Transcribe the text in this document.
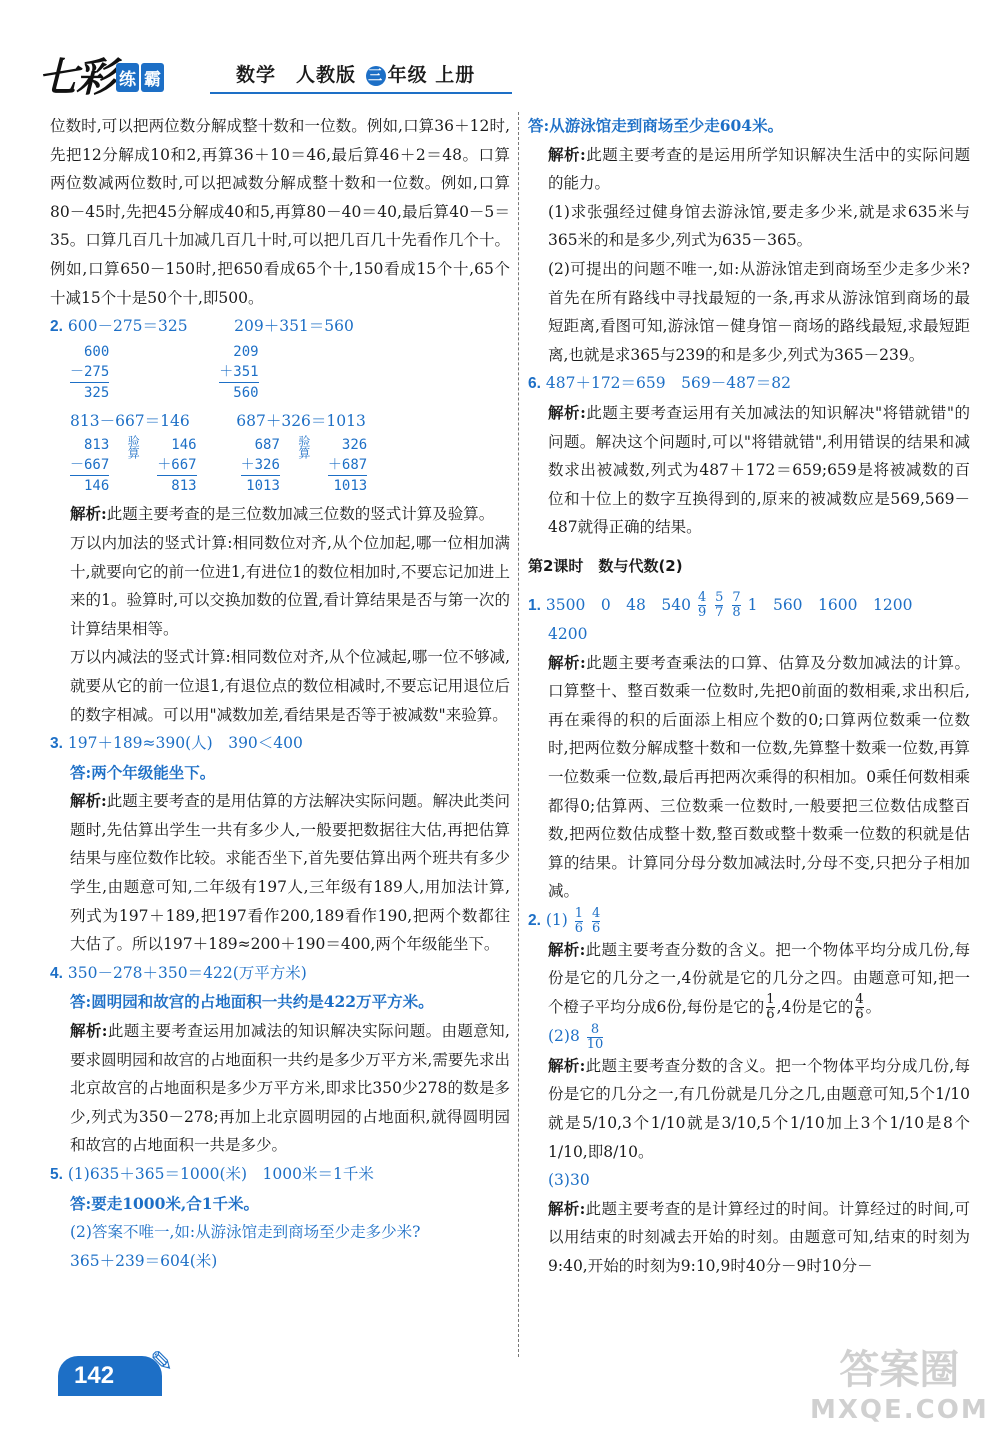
七彩 练 霸	数学　人教版 三 年级 上册

位数时,可以把两位数分解成整十数和一位数。例如,口算36＋12时,先把12分解成10和2,再算36＋10＝46,最后算46＋2＝48。口算两位数减两位数时,可以把减数分解成整十数和一位数。例如,口算80－45时,先把45分解成40和5,再算80－40＝40,最后算40－5＝35。口算几百几十加减几百几十时,可以把几百几十先看作几个十。例如,口算650－150时,把650看成65个十,150看成15个十,65个十减15个十是50个十,即500。

2. 600－275＝325　　　209＋351＝560

600
－275
325
209
＋351
560

813－667＝146　　　687＋326＝1013

813
－667
146
验算	146
＋667
813
687
＋326
1013
验算	326
＋687
1013

解析:此题主要考查的是三位数加减三位数的竖式计算及验算。

万以内加法的竖式计算:相同数位对齐,从个位加起,哪一位相加满十,就要向它的前一位进1,有进位1的数位相加时,不要忘记加进上来的1。验算时,可以交换加数的位置,看计算结果是否与第一次的计算结果相等。

万以内减法的竖式计算:相同数位对齐,从个位减起,哪一位不够减,就要从它的前一位退1,有退位点的数位相减时,不要忘记用退位后的数字相减。可以用"减数加差,看结果是否等于被减数"来验算。

3. 197＋189≈390(人)　390＜400

答:两个年级能坐下。

解析:此题主要考查的是用估算的方法解决实际问题。解决此类问题时,先估算出学生一共有多少人,一般要把数据往大估,再把估算结果与座位数作比较。求能否坐下,首先要估算出两个班共有多少学生,由题意可知,二年级有197人,三年级有189人,用加法计算,列式为197＋189,把197看作200,189看作190,把两个数都往大估了。所以197＋189≈200＋190＝400,两个年级能坐下。

4. 350－278＋350＝422(万平方米)

答:圆明园和故宫的占地面积一共约是422万平方米。

解析:此题主要考查运用加减法的知识解决实际问题。由题意知,要求圆明园和故宫的占地面积一共约是多少万平方米,需要先求出北京故宫的占地面积是多少万平方米,即求比350少278的数是多少,列式为350－278;再加上北京圆明园的占地面积,就得圆明园和故宫的占地面积一共是多少。

5. (1)635＋365＝1000(米)　1000米＝1千米

答:要走1000米,合1千米。

(2)答案不唯一,如:从游泳馆走到商场至少走多少米?

365＋239＝604(米)

答:从游泳馆走到商场至少走604米。

解析:此题主要考查的是运用所学知识解决生活中的实际问题的能力。

(1)求张强经过健身馆去游泳馆,要走多少米,就是求635米与365米的和是多少,列式为635－365。

(2)可提出的问题不唯一,如:从游泳馆走到商场至少走多少米?首先在所有路线中寻找最短的一条,再求从游泳馆到商场的最短距离,看图可知,游泳馆－健身馆－商场的路线最短,求最短距离,也就是求365与239的和是多少,列式为365－239。

6. 487＋172＝659　569－487＝82

解析:此题主要考查运用有关加减法的知识解决"将错就错"的问题。解决这个问题时,可以"将错就错",利用错误的结果和减数求出被减数,列式为487＋172＝659;659是将被减数的百位和十位上的数字互换得到的,原来的被减数应是569,569－487就得正确的结果。

第2课时　数与代数(2)

1. 3500　0　48　$540 \frac{4}{9}$
$\frac{5}{7}$
$\frac{7}{8} 1$　560　1600　1200

4200

解析:此题主要考查乘法的口算、估算及分数加减法的计算。口算整十、整百数乘一位数时,先把0前面的数相乘,求出积后,再在乘得的积的后面添上相应个数的0;口算两位数乘一位数时,把两位数分解成整十数和一位数,先算整十数乘一位数,再算一位数乘一位数,最后再把两次乘得的积相加。0乘任何数相乘都得0;估算两、三位数乘一位数时,一般要把三位数估成整百数,把两位数估成整十数,整百数或整十数乘一位数的积就是估算的结果。计算同分母分数加减法时,分母不变,只把分子相加减。

2. $(1) \frac{1}{6}$
$\frac{4}{6}$

解析:此题主要考查分数的含义。把一个物体平均分成几份,每份是它的几分之一,4份就是它的几分之四。由题意可知,把一个橙子平均分成6份,每份是它的 $\frac{1}{6} ,4$份是它的 $\frac{4}{6}$ 。

$(2)8 \frac{8}{10}$

解析:此题主要考查分数的含义。把一个物体平均分成几份,每份是它的几分之一,有几份就是几分之几,由题意可知,5个1/10就是5/10,3个1/10就是3/10,5个1/10加上3个1/10是8个1/10,即8/10。

(3)30

解析:此题主要考查的是计算经过的时间。计算经过的时间,可以用结束的时刻减去开始的时刻。由题意可知,结束的时刻为9:40,开始的时刻为9:10,9时40分－9时10分－

142	✎	答案圈
MXQE.COM
